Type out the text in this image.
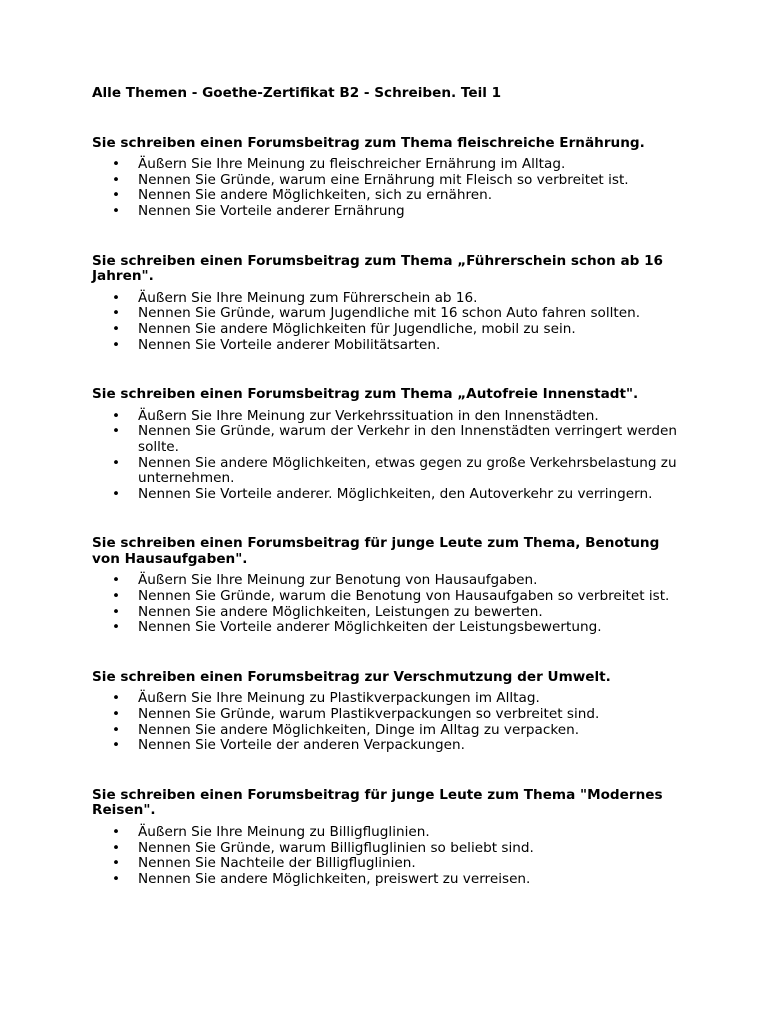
Alle Themen - Goethe-Zertifikat B2 - Schreiben. Teil 1
Sie schreiben einen Forumsbeitrag zum Thema fleischreiche Ernährung.
• Äußern Sie Ihre Meinung zu fleischreicher Ernährung im Alltag.
• Nennen Sie Gründe, warum eine Ernährung mit Fleisch so verbreitet ist.
• Nennen Sie andere Möglichkeiten, sich zu ernähren.
• Nennen Sie Vorteile anderer Ernährung
Sie schreiben einen Forumsbeitrag zum Thema „Führerschein schon ab 16 Jahren".
• Äußern Sie Ihre Meinung zum Führerschein ab 16.
• Nennen Sie Gründe, warum Jugendliche mit 16 schon Auto fahren sollten.
• Nennen Sie andere Möglichkeiten für Jugendliche, mobil zu sein.
• Nennen Sie Vorteile anderer Mobilitätsarten.
Sie schreiben einen Forumsbeitrag zum Thema „Autofreie Innenstadt".
• Äußern Sie Ihre Meinung zur Verkehrssituation in den Innenstädten.
• Nennen Sie Gründe, warum der Verkehr in den Innenstädten verringert werden sollte.
• Nennen Sie andere Möglichkeiten, etwas gegen zu große Verkehrsbelastung zu unternehmen.
• Nennen Sie Vorteile anderer. Möglichkeiten, den Autoverkehr zu verringern.
Sie schreiben einen Forumsbeitrag für junge Leute zum Thema, Benotung von Hausaufgaben".
• Äußern Sie Ihre Meinung zur Benotung von Hausaufgaben.
• Nennen Sie Gründe, warum die Benotung von Hausaufgaben so verbreitet ist.
• Nennen Sie andere Möglichkeiten, Leistungen zu bewerten.
• Nennen Sie Vorteile anderer Möglichkeiten der Leistungsbewertung.
Sie schreiben einen Forumsbeitrag zur Verschmutzung der Umwelt.
• Äußern Sie Ihre Meinung zu Plastikverpackungen im Alltag.
• Nennen Sie Gründe, warum Plastikverpackungen so verbreitet sind.
• Nennen Sie andere Möglichkeiten, Dinge im Alltag zu verpacken.
• Nennen Sie Vorteile der anderen Verpackungen.
Sie schreiben einen Forumsbeitrag für junge Leute zum Thema "Modernes Reisen".
• Äußern Sie Ihre Meinung zu Billigfluglinien.
• Nennen Sie Gründe, warum Billigfluglinien so beliebt sind.
• Nennen Sie Nachteile der Billigfluglinien.
• Nennen Sie andere Möglichkeiten, preiswert zu verreisen.
